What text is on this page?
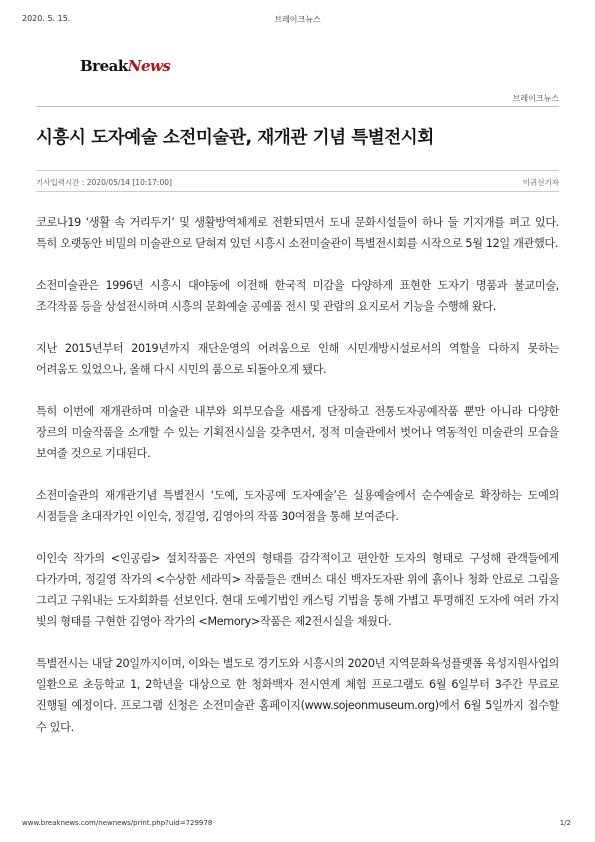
2020. 5. 15.	브레이크뉴스
BreakNews
브레이크뉴스
시흥시 도자예술 소전미술관, 재개관 기념 특별전시회
기사입력시간 : 2020/05/14 [10:17:00]	이귀선기자

코로나19 ‘생활 속 거리두기’ 및 생활방역체계로 전환되면서 도내 문화시설들이 하나 둘 기지개를 펴고 있다. 특히 오랫동안 비밀의 미술관으로 닫혀져 있던 시흥시 소전미술관이 특별전시회를 시작으로 5월 12일 개관했다.

소전미술관은 1996년 시흥시 대야동에 이전해 한국적 미감을 다양하게 표현한 도자기 명품과 불교미술, 조각작품 등을 상설전시하며 시흥의 문화예술 공예품 전시 및 관람의 요지로서 기능을 수행해 왔다.

지난 2015년부터 2019년까지 재단운영의 어려움으로 인해 시민개방시설로서의 역할을 다하지 못하는 어려움도 있었으나, 올해 다시 시민의 품으로 되돌아오게 됐다.

특히 이번에 재개관하며 미술관 내부와 외부모습을 새롭게 단장하고 전통도자공예작품 뿐만 아니라 다양한 장르의 미술작품을 소개할 수 있는 기획전시실을 갖추면서, 정적 미술관에서 벗어나 역동적인 미술관의 모습을 보여줄 것으로 기대된다.

소전미술관의 재개관기념 특별전시 ‘도예, 도자공예 도자예술’은 실용예술에서 순수예술로 확장하는 도예의 시점들을 초대작가인 이인숙, 정길영, 김영아의 작품 30여점을 통해 보여준다.

이인숙 작가의 <인공림> 설치작품은 자연의 형태를 감각적이고 편안한 도자의 형태로 구성해 관객들에게 다가가며, 정길영 작가의 <수상한 세라믹> 작품들은 캔버스 대신 백자도자판 위에 흙이나 청화 안료로 그림을 그리고 구워내는 도자회화를 선보인다. 현대 도예기법인 캐스팅 기법을 통해 가볍고 투명해진 도자에 여러 가지 빛의 형태를 구현한 김영아 작가의 <Memory>작품은 제2전시실을 채웠다.

특별전시는 내달 20일까지이며, 이와는 별도로 경기도와 시흥시의 2020년 지역문화육성플랫폼 육성지원사업의 일환으로 초등학교 1, 2학년을 대상으로 한 청화백자 전시연계 체험 프로그램도 6월 6일부터 3주간 무료로 진행될 예정이다. 프로그램 신청은 소전미술관 홈페이지(www.sojeonmuseum.org)에서 6월 5일까지 접수할 수 있다.

www.breaknews.com/newnews/print.php?uid=729978	1/2
